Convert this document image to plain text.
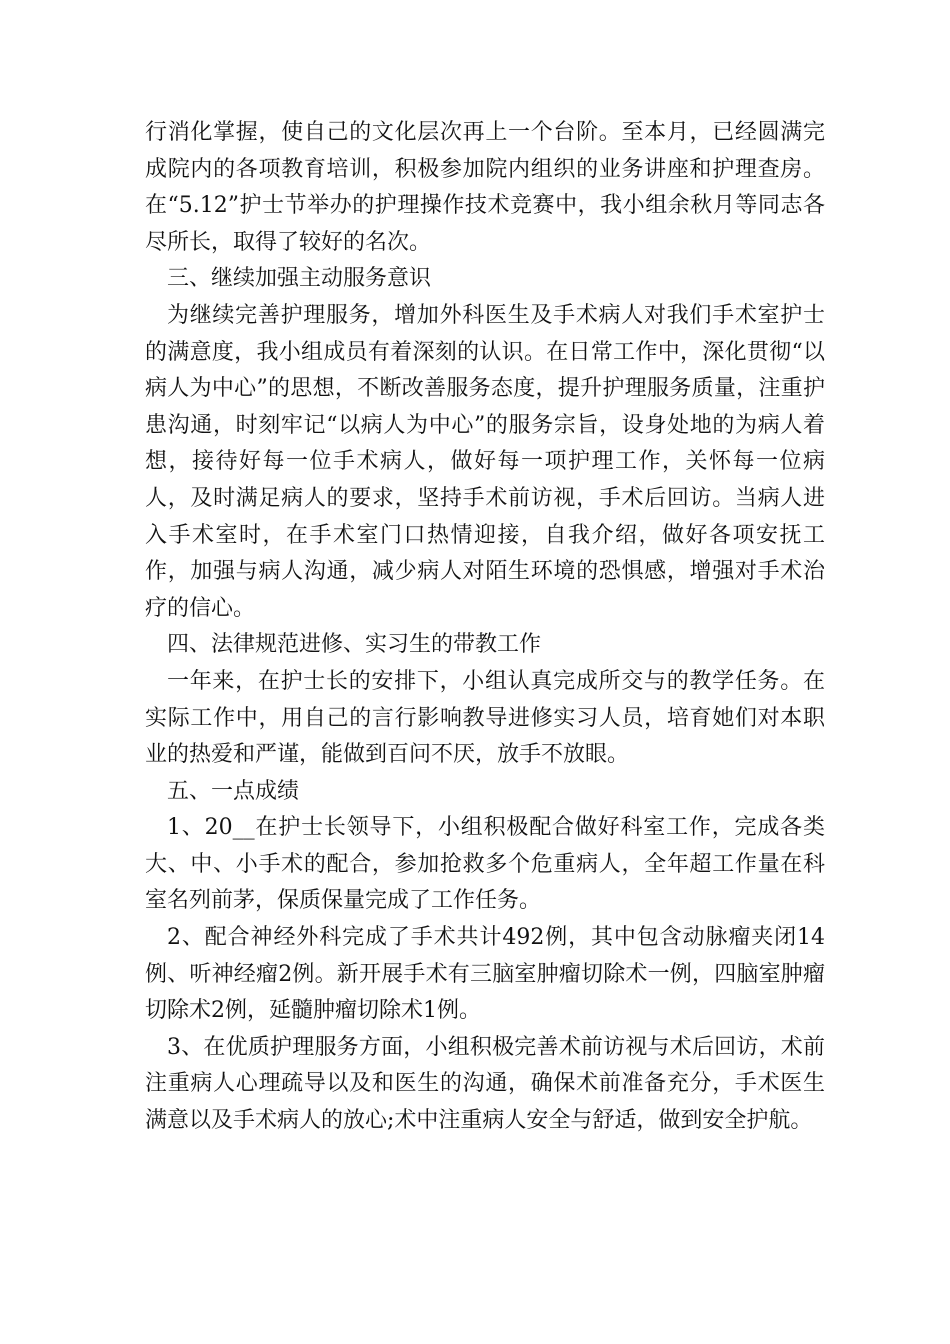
行消化掌握，使自己的文化层次再上一个台阶。至本月，已经圆满完成院内的各项教育培训，积极参加院内组织的业务讲座和护理查房。在“5.12”护士节举办的护理操作技术竞赛中，我小组余秋月等同志各尽所长，取得了较好的名次。

三、继续加强主动服务意识

为继续完善护理服务，增加外科医生及手术病人对我们手术室护士的满意度，我小组成员有着深刻的认识。在日常工作中，深化贯彻“以病人为中心”的思想，不断改善服务态度，提升护理服务质量，注重护患沟通，时刻牢记“以病人为中心”的服务宗旨，设身处地的为病人着想，接待好每一位手术病人，做好每一项护理工作，关怀每一位病人，及时满足病人的要求，坚持手术前访视，手术后回访。当病人进入手术室时，在手术室门口热情迎接，自我介绍，做好各项安抚工作，加强与病人沟通，减少病人对陌生环境的恐惧感，增强对手术治疗的信心。

四、法律规范进修、实习生的带教工作

一年来，在护士长的安排下，小组认真完成所交与的教学任务。在实际工作中，用自己的言行影响教导进修实习人员，培育她们对本职业的热爱和严谨，能做到百问不厌，放手不放眼。

五、一点成绩

1、20__在护士长领导下，小组积极配合做好科室工作，完成各类大、中、小手术的配合，参加抢救多个危重病人，全年超工作量在科室名列前茅，保质保量完成了工作任务。

2、配合神经外科完成了手术共计492例，其中包含动脉瘤夹闭14例、听神经瘤2例。新开展手术有三脑室肿瘤切除术一例，四脑室肿瘤切除术2例，延髓肿瘤切除术1例。

3、在优质护理服务方面，小组积极完善术前访视与术后回访，术前注重病人心理疏导以及和医生的沟通，确保术前准备充分，手术医生满意以及手术病人的放心;术中注重病人安全与舒适，做到安全护航。
